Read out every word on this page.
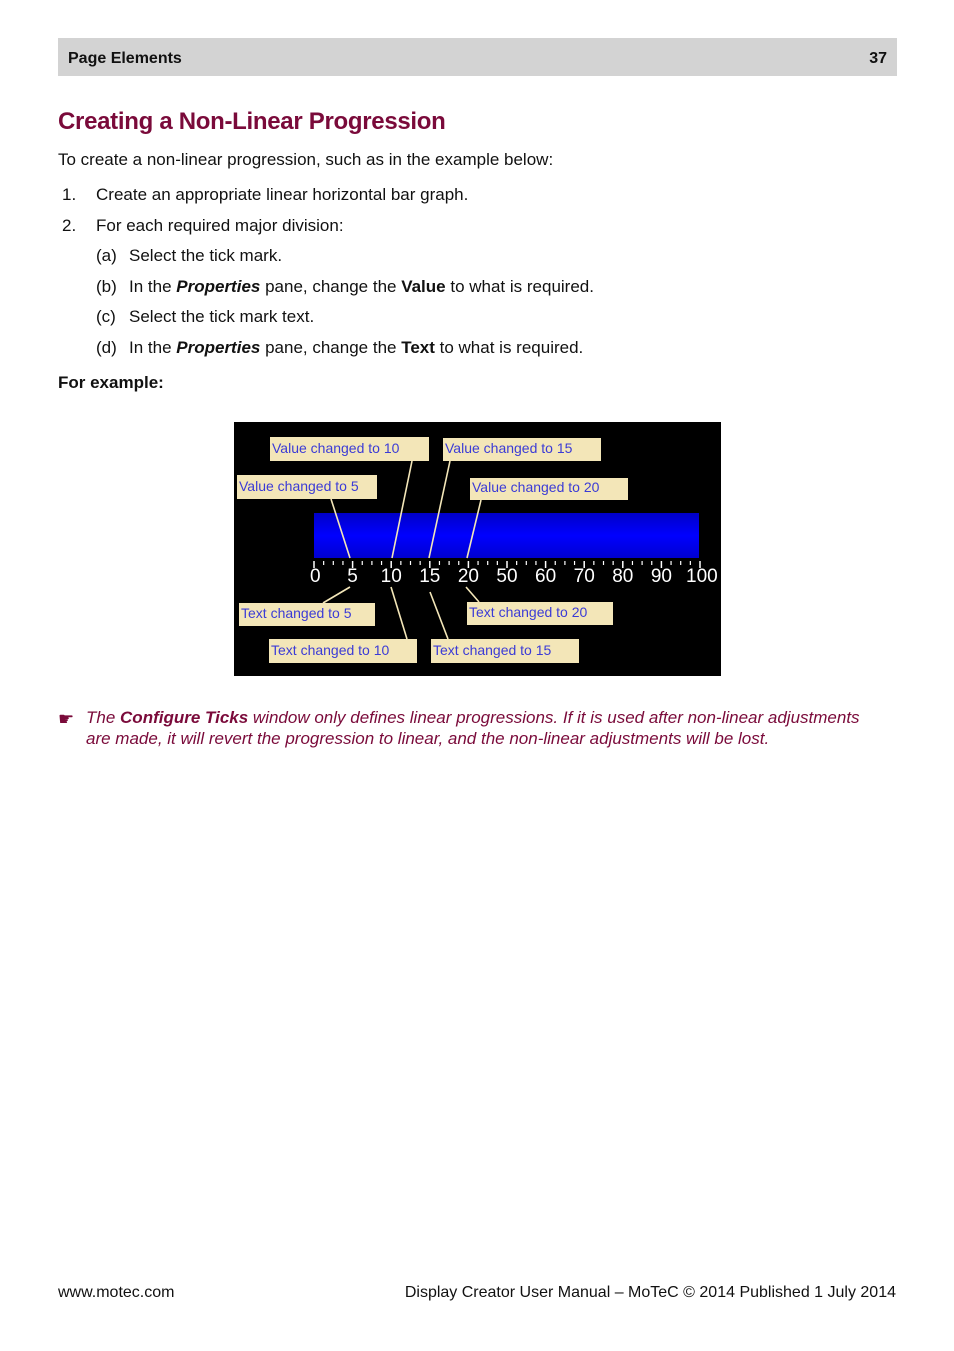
Page Elements	37
Creating a Non-Linear Progression
To create a non-linear progression, such as in the example below:
1. Create an appropriate linear horizontal bar graph.
2. For each required major division:
(a) Select the tick mark.
(b) In the Properties pane, change the Value to what is required.
(c) Select the tick mark text.
(d) In the Properties pane, change the Text to what is required.
For example:
0 5 10 15 20 50 60 70 80 90 100
Value changed to 10	Value changed to 15
Value changed to 5	Value changed to 20
Text changed to 5	Text changed to 20
Text changed to 10	Text changed to 15
☛ The Configure Ticks window only defines linear progressions. If it is used after non-linear adjustments are made, it will revert the progression to linear, and the non-linear adjustments will be lost.
www.motec.com	Display Creator User Manual – MoTeC © 2014 Published 1 July 2014
